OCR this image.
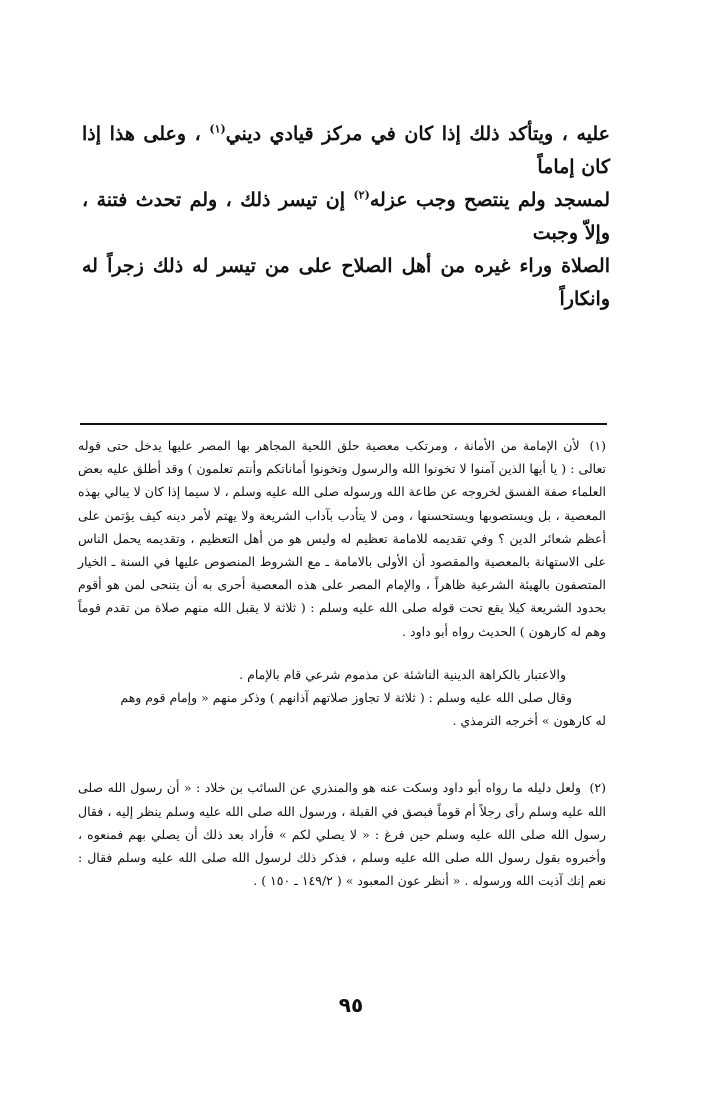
عليه ، ويتأكد ذلك إذا كان في مركز قيادي ديني$^{(١)}$ ، وعلى هذا إذا كان إماماً

لمسجد ولم ينتصح وجب عزله$^{(٢)}$ إن تيسر ذلك ، ولم تحدث فتنة ، وإلاّ وجبت

الصلاة وراء غيره من أهل الصلاح على من تيسر له ذلك زجراً له وانكاراً

(١) لأن الإمامة من الأمانة ، ومرتكب معصية حلق اللحية المجاهر بها المصر عليها يدخل حتى قوله تعالى : ( يا أيها الذين آمنوا لا تخونوا الله والرسول وتخونوا أماناتكم وأنتم تعلمون ) وقد أطلق عليه بعض العلماء صفة الفسق لخروجه عن طاعة الله ورسوله صلى الله عليه وسلم ، لا سيما إذا كان لا يبالي بهذه المعصية ، بل ويستصوبها ويستحسنها ، ومن لا يتأدب بآداب الشريعة ولا يهتم لأمر دينه كيف يؤتمن على أعظم شعائر الدين ؟ وفي تقديمه للامامة تعظيم له وليس هو من أهل التعظيم ، وتقديمه يحمل الناس على الاستهانة بالمعصية والمقصود أن الأولى بالامامة ـ مع الشروط المنصوص عليها في السنة ـ الخيار المتصفون بالهيئة الشرعية ظاهراً ، والإمام المصر على هذه المعصية أحرى به أن يتنحى لمن هو أقوم بحدود الشريعة كيلا يقع تحت قوله صلى الله عليه وسلم : ( ثلاثة لا يقبل الله منهم صلاة من تقدم قوماً وهم له كارهون ) الحديث رواه أبو داود .

والاعتبار بالكراهة الدينية الناشئة عن مذموم شرعي قام بالإمام .

وقال صلى الله عليه وسلم : ( ثلاثة لا تجاوز صلاتهم آذانهم ) وذكر منهم « وإمام قوم وهم

له كارهون » أخرجه الترمذي .

(٢) ولعل دليله ما رواه أبو داود وسكت عنه هو والمنذري عن السائب بن خلاد : « أن رسول الله صلى الله عليه وسلم رأى رجلاً أم قوماً فبصق في القبلة ، ورسول الله صلى الله عليه وسلم ينظر إليه ، فقال رسول الله صلى الله عليه وسلم حين فرغ : « لا يصلي لكم » فأراد بعد ذلك أن يصلي بهم فمنعوه ، وأخبروه بقول رسول الله صلى الله عليه وسلم ، فذكر ذلك لرسول الله صلى الله عليه وسلم فقال : نعم إنك آذيت الله ورسوله . « أنظر عون المعبود » ( ١٤٩/٢ ـ ١٥٠ ) .

٩٥
